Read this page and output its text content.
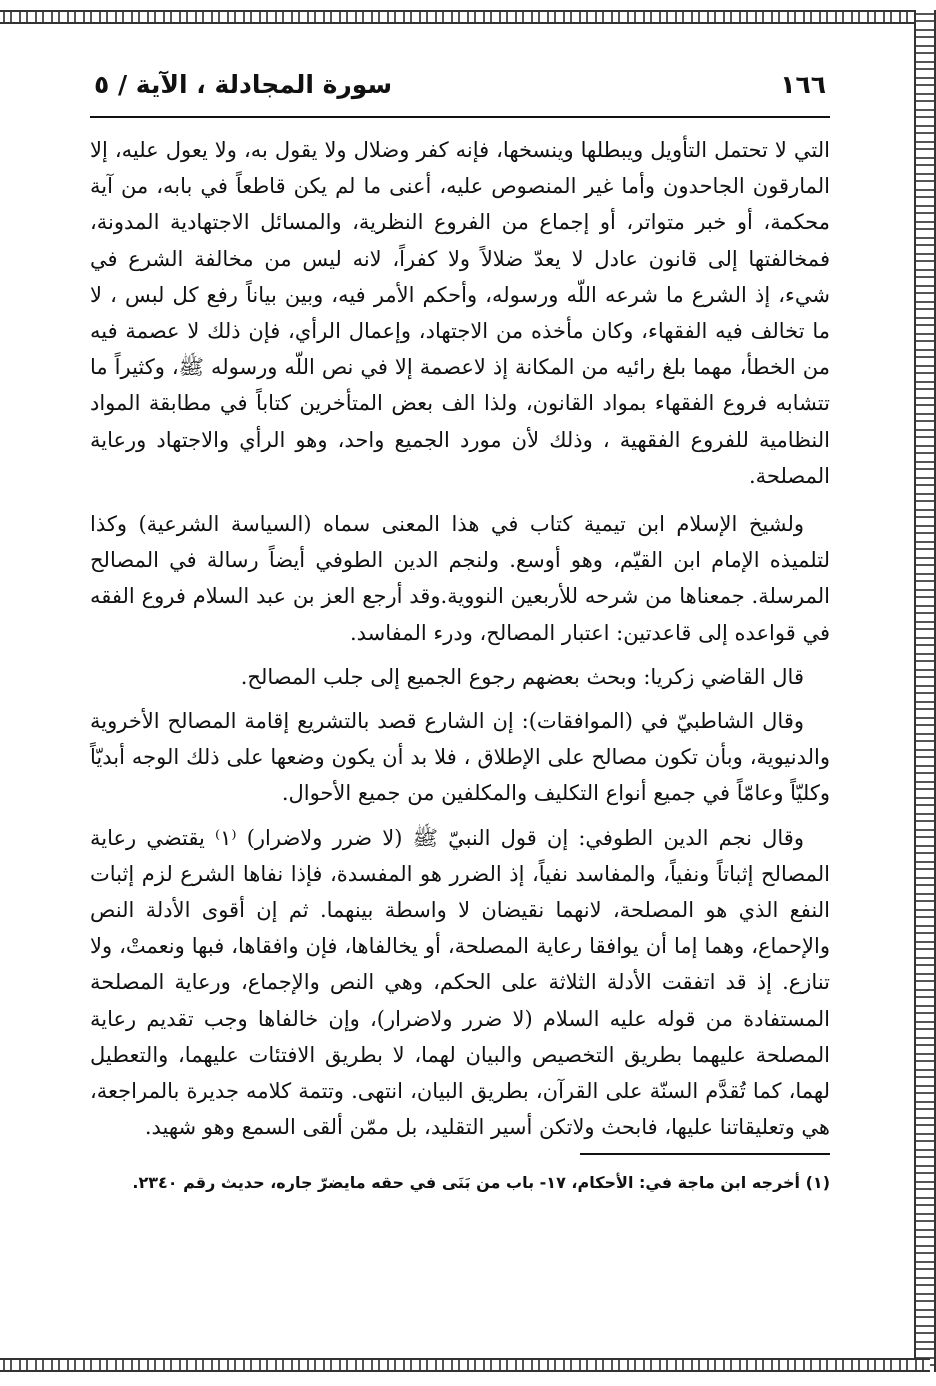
١٦٦
سورة المجادلة ، الآية / ٥

التي لا تحتمل التأويل ويبطلها وينسخها، فإنه كفر وضلال ولا يقول به، ولا يعول عليه، إلا المارقون الجاحدون وأما غير المنصوص عليه، أعنى ما لم يكن قاطعاً في بابه، من آية محكمة، أو خبر متواتر، أو إجماع من الفروع النظرية، والمسائل الاجتهادية المدونة، فمخالفتها إلى قانون عادل لا يعدّ ضلالاً ولا كفراً، لانه ليس من مخالفة الشرع في شيء، إذ الشرع ما شرعه اللّه ورسوله، وأحكم الأمر فيه، وبين بياناً رفع كل لبس ، لا ما تخالف فيه الفقهاء، وكان مأخذه من الاجتهاد، وإعمال الرأي، فإن ذلك لا عصمة فيه من الخطأ، مهما بلغ رائيه من المكانة إذ لاعصمة إلا في نص اللّه ورسوله ﷺ، وكثيراً ما تتشابه فروع الفقهاء بمواد القانون، ولذا الف بعض المتأخرين كتاباً في مطابقة المواد النظامية للفروع الفقهية ، وذلك لأن مورد الجميع واحد، وهو الرأي والاجتهاد ورعاية المصلحة.

ولشيخ الإسلام ابن تيمية كتاب في هذا المعنى سماه (السياسة الشرعية) وكذا لتلميذه الإمام ابن القيّم، وهو أوسع. ولنجم الدين الطوفي أيضاً رسالة في المصالح المرسلة. جمعناها من شرحه للأربعين النووية.وقد أرجع العز بن عبد السلام فروع الفقه في قواعده إلى قاعدتين: اعتبار المصالح، ودرء المفاسد.

قال القاضي زكريا: وبحث بعضهم رجوع الجميع إلى جلب المصالح.

وقال الشاطبيّ في (الموافقات): إن الشارع قصد بالتشريع إقامة المصالح الأخروية والدنيوية، وبأن تكون مصالح على الإطلاق ، فلا بد أن يكون وضعها على ذلك الوجه أبديّاً وكليّاً وعامّاً في جميع أنواع التكليف والمكلفين من جميع الأحوال.

وقال نجم الدين الطوفي: إن قول النبيّ ﷺ (لا ضرر ولاضرار) ⁽١⁾ يقتضي رعاية المصالح إثباتاً ونفياً، والمفاسد نفياً، إذ الضرر هو المفسدة، فإذا نفاها الشرع لزم إثبات النفع الذي هو المصلحة، لانهما نقيضان لا واسطة بينهما. ثم إن أقوى الأدلة النص والإحماع، وهما إما أن يوافقا رعاية المصلحة، أو يخالفاها، فإن وافقاها، فبها ونعمتْ، ولا تنازع. إذ قد اتفقت الأدلة الثلاثة على الحكم، وهي النص والإجماع، ورعاية المصلحة المستفادة من قوله عليه السلام (لا ضرر ولاضرار)، وإن خالفاها وجب تقديم رعاية المصلحة عليهما بطريق التخصيص والبيان لهما، لا بطريق الافتئات عليهما، والتعطيل لهما، كما تُقدَّم السنّة على القرآن، بطريق البيان، انتهى. وتتمة كلامه جديرة بالمراجعة، هي وتعليقاتنا عليها، فابحث ولاتكن أسير التقليد، بل ممّن ألقى السمع وهو شهيد.

(١) أخرجه ابن ماجة في: الأحكام، ١٧- باب من بَنَى في حقه مايضرّ جاره، حديث رقم ٢٣٤٠.
